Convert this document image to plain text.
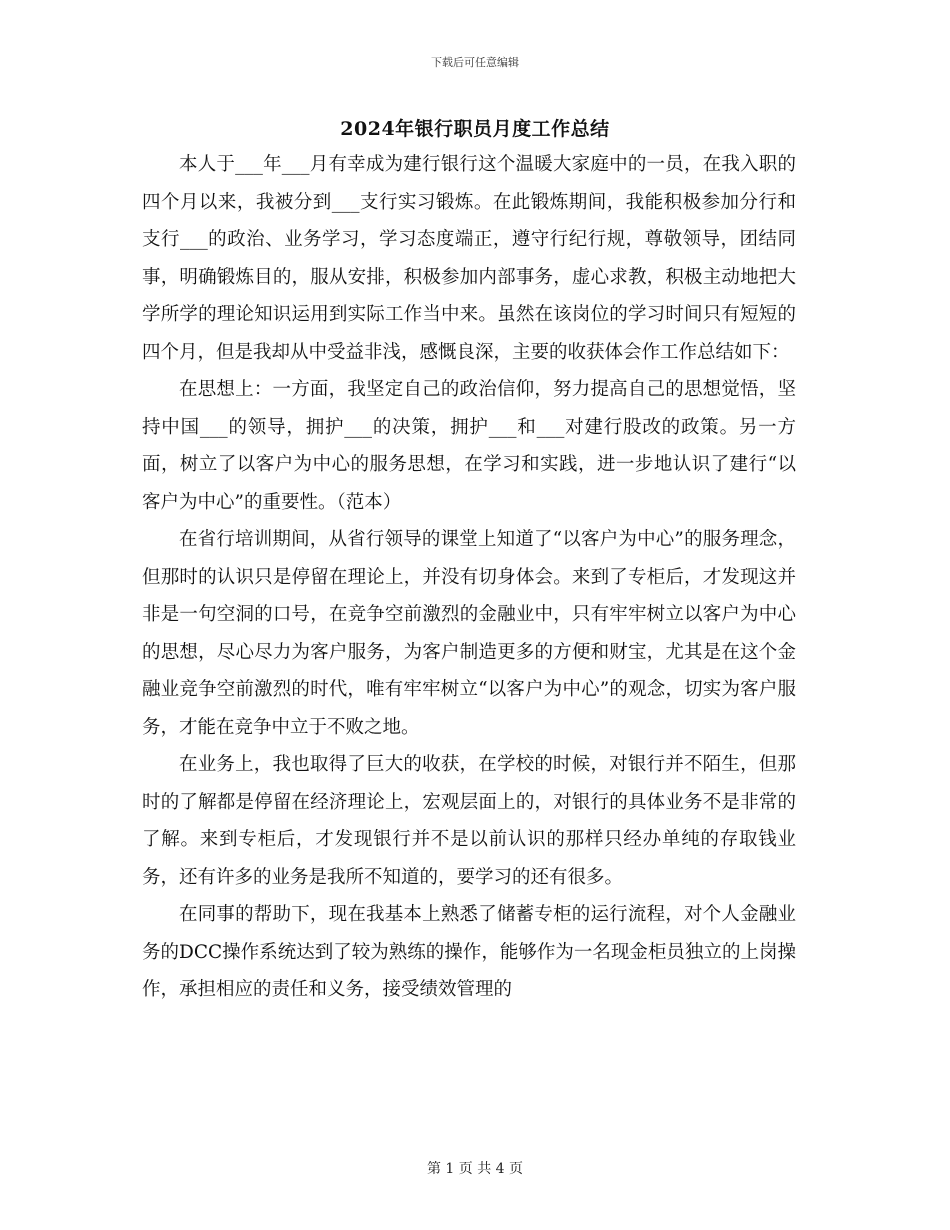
下载后可任意编辑
2024年银行职员月度工作总结

本人于___年___月有幸成为建行银行这个温暖大家庭中的一员，在我入职的四个月以来，我被分到___支行实习锻炼。在此锻炼期间，我能积极参加分行和支行___的政治、业务学习，学习态度端正，遵守行纪行规，尊敬领导，团结同事，明确锻炼目的，服从安排，积极参加内部事务，虚心求教，积极主动地把大学所学的理论知识运用到实际工作当中来。虽然在该岗位的学习时间只有短短的四个月，但是我却从中受益非浅，感慨良深，主要的收获体会作工作总结如下：

在思想上：一方面，我坚定自己的政治信仰，努力提高自己的思想觉悟，坚持中国___的领导，拥护___的决策，拥护___和___对建行股改的政策。另一方面，树立了以客户为中心的服务思想，在学习和实践，进一步地认识了建行“以客户为中心”的重要性。（范本）

在省行培训期间，从省行领导的课堂上知道了“以客户为中心”的服务理念，但那时的认识只是停留在理论上，并没有切身体会。来到了专柜后，才发现这并非是一句空洞的口号，在竞争空前激烈的金融业中，只有牢牢树立以客户为中心的思想，尽心尽力为客户服务，为客户制造更多的方便和财宝，尤其是在这个金融业竞争空前激烈的时代，唯有牢牢树立“以客户为中心”的观念，切实为客户服务，才能在竞争中立于不败之地。

在业务上，我也取得了巨大的收获，在学校的时候，对银行并不陌生，但那时的了解都是停留在经济理论上，宏观层面上的，对银行的具体业务不是非常的了解。来到专柜后，才发现银行并不是以前认识的那样只经办单纯的存取钱业务，还有许多的业务是我所不知道的，要学习的还有很多。

在同事的帮助下，现在我基本上熟悉了储蓄专柜的运行流程，对个人金融业务的DCC操作系统达到了较为熟练的操作，能够作为一名现金柜员独立的上岗操作，承担相应的责任和义务，接受绩效管理的

第 1 页 共 4 页
